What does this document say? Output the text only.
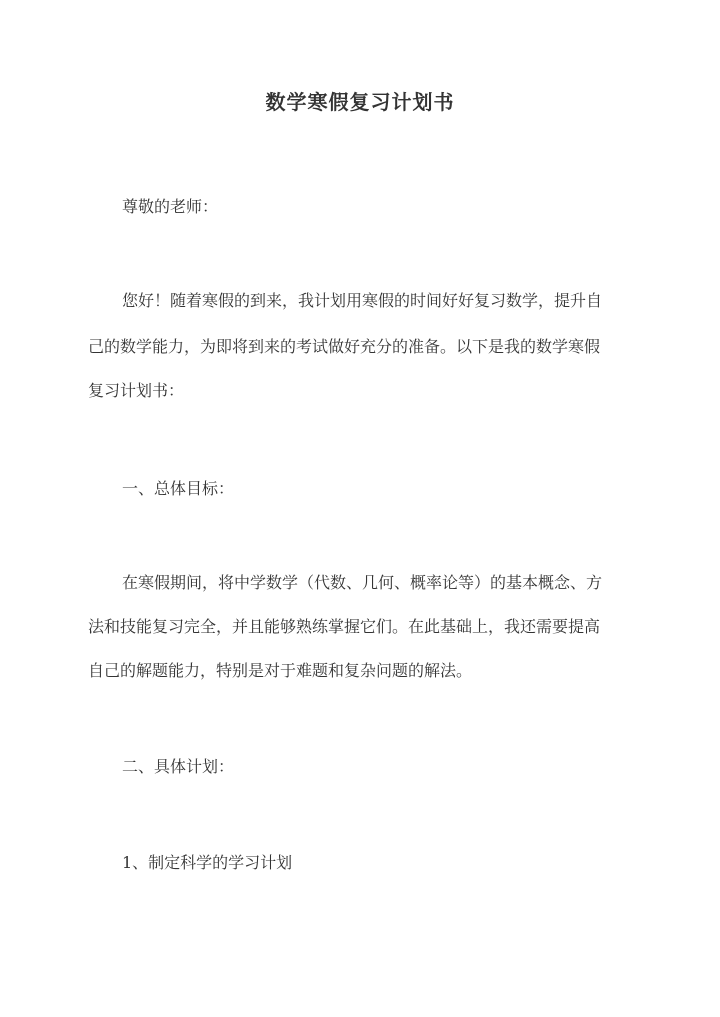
数学寒假复习计划书
尊敬的老师：
您好！随着寒假的到来，我计划用寒假的时间好好复习数学，提升自
己的数学能力，为即将到来的考试做好充分的准备。以下是我的数学寒假
复习计划书：
一、总体目标：
在寒假期间，将中学数学（代数、几何、概率论等）的基本概念、方
法和技能复习完全，并且能够熟练掌握它们。在此基础上，我还需要提高
自己的解题能力，特别是对于难题和复杂问题的解法。
二、具体计划：
1、制定科学的学习计划
